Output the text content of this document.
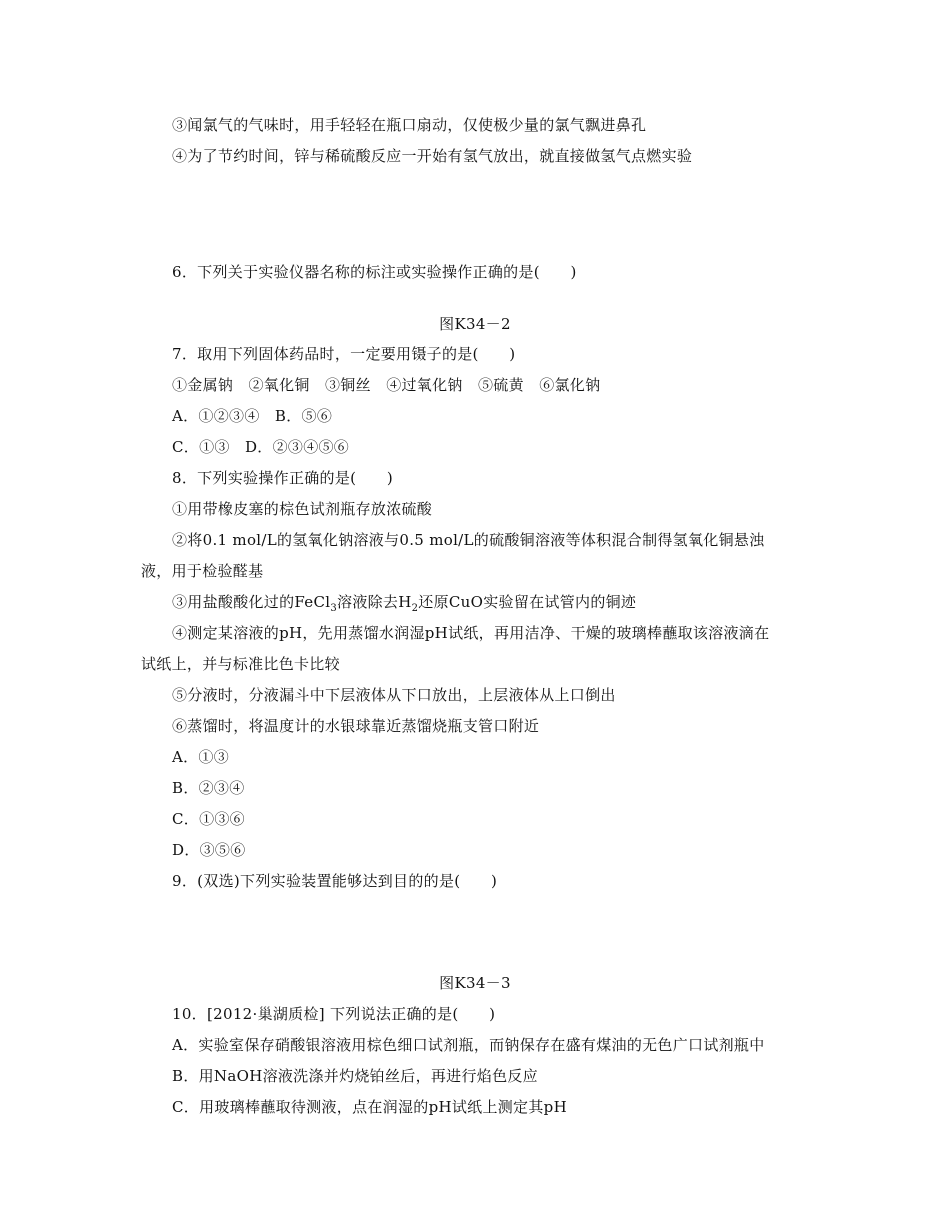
③闻氯气的气味时，用手轻轻在瓶口扇动，仅使极少量的氯气飘进鼻孔
④为了节约时间，锌与稀硫酸反应一开始有氢气放出，就直接做氢气点燃实验
6．下列关于实验仪器名称的标注或实验操作正确的是(　　)
图K34－2
7．取用下列固体药品时，一定要用镊子的是(　　)
①金属钠　②氧化铜　③铜丝　④过氧化钠　⑤硫黄　⑥氯化钠
A．①②③④　B．⑤⑥
C．①③　D．②③④⑤⑥
8．下列实验操作正确的是(　　)
①用带橡皮塞的棕色试剂瓶存放浓硫酸
②将0.1 mol/L的氢氧化钠溶液与0.5 mol/L的硫酸铜溶液等体积混合制得氢氧化铜悬浊
液，用于检验醛基
③用盐酸酸化过的FeCl$_3$溶液除去$H_2$还原CuO实验留在试管内的铜迹
④测定某溶液的pH，先用蒸馏水润湿pH试纸，再用洁净、干燥的玻璃棒蘸取该溶液滴在
试纸上，并与标准比色卡比较
⑤分液时，分液漏斗中下层液体从下口放出，上层液体从上口倒出
⑥蒸馏时，将温度计的水银球靠近蒸馏烧瓶支管口附近
A．①③
B．②③④
C．①③⑥
D．③⑤⑥
9．(双选)下列实验装置能够达到目的的是(　　)
图K34－3
10．[2012·巢湖质检] 下列说法正确的是(　　)
A．实验室保存硝酸银溶液用棕色细口试剂瓶，而钠保存在盛有煤油的无色广口试剂瓶中
B．用NaOH溶液洗涤并灼烧铂丝后，再进行焰色反应
C．用玻璃棒蘸取待测液，点在润湿的pH试纸上测定其pH
